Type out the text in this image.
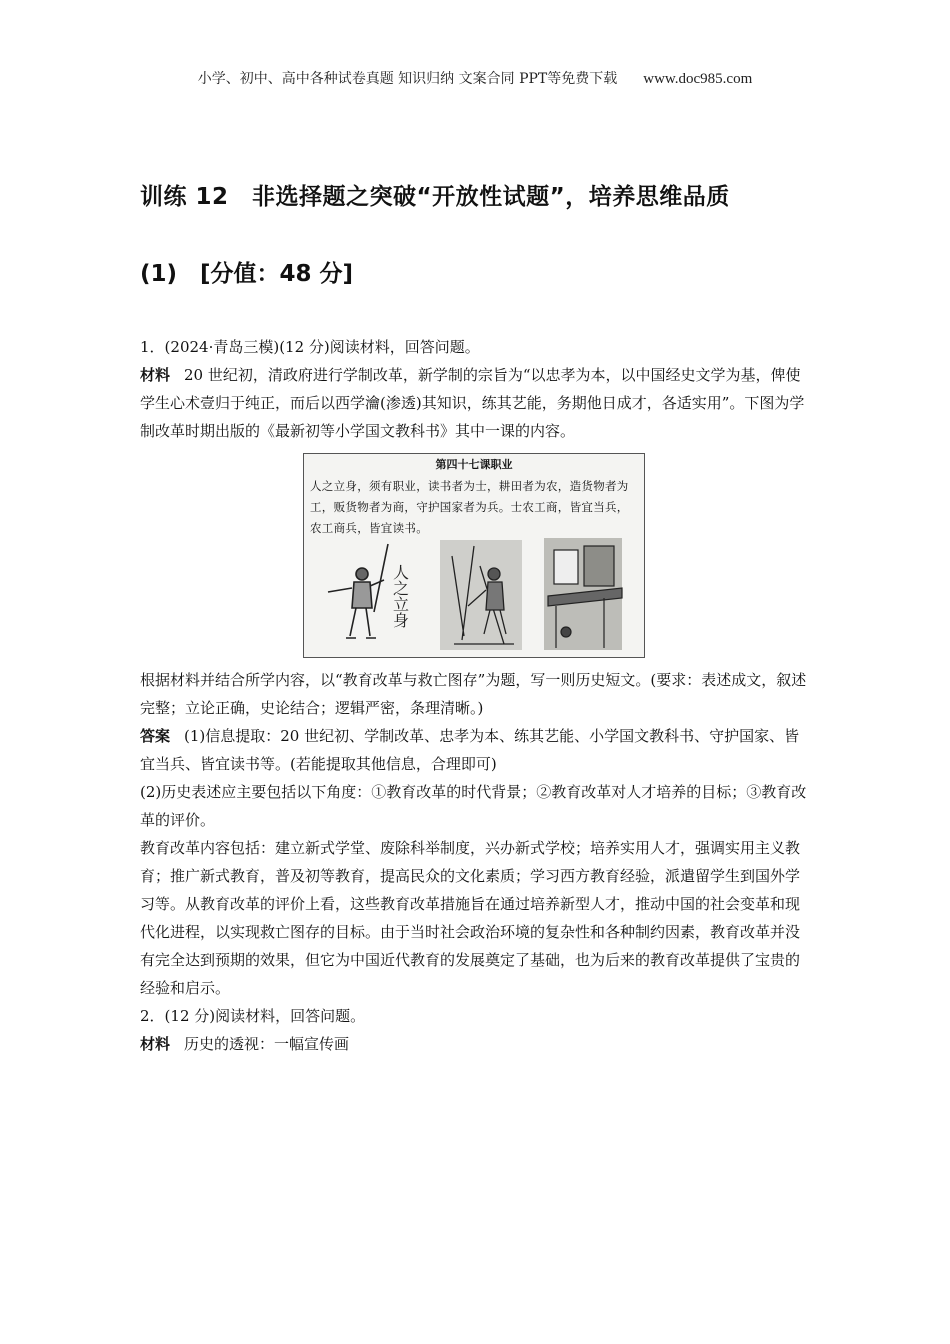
小学、初中、高中各种试卷真题 知识归纳 文案合同 PPT等免费下载 www.doc985.com
训练 12　非选择题之突破“开放性试题”，培养思维品质
(1)　[分值：48 分]

1．(2024·青岛三模)(12 分)阅读材料，回答问题。

材料 20 世纪初，清政府进行学制改革，新学制的宗旨为“以忠孝为本，以中国经史文学为基，俾使学生心术壹归于纯正，而后以西学瀹(渗透)其知识，练其艺能，务期他日成才，各适实用”。下图为学制改革时期出版的《最新初等小学国文教科书》其中一课的内容。

第四十七课职业
人之立身，须有职业，读书者为士，耕田者为农，造货物者为工，贩货物者为商，守护国家者为兵。士农工商，皆宜当兵，农工商兵，皆宜读书。
人之立身

根据材料并结合所学内容，以“教育改革与救亡图存”为题，写一则历史短文。(要求：表述成文，叙述完整；立论正确，史论结合；逻辑严密，条理清晰。)

答案 (1)信息提取：20 世纪初、学制改革、忠孝为本、练其艺能、小学国文教科书、守护国家、皆宜当兵、皆宜读书等。(若能提取其他信息，合理即可)

(2)历史表述应主要包括以下角度：①教育改革的时代背景；②教育改革对人才培养的目标；③教育改革的评价。

教育改革内容包括：建立新式学堂、废除科举制度，兴办新式学校；培养实用人才，强调实用主义教育；推广新式教育，普及初等教育，提高民众的文化素质；学习西方教育经验，派遣留学生到国外学习等。从教育改革的评价上看，这些教育改革措施旨在通过培养新型人才，推动中国的社会变革和现代化进程，以实现救亡图存的目标。由于当时社会政治环境的复杂性和各种制约因素，教育改革并没有完全达到预期的效果，但它为中国近代教育的发展奠定了基础，也为后来的教育改革提供了宝贵的经验和启示。

2．(12 分)阅读材料，回答问题。

材料 历史的透视：一幅宣传画
